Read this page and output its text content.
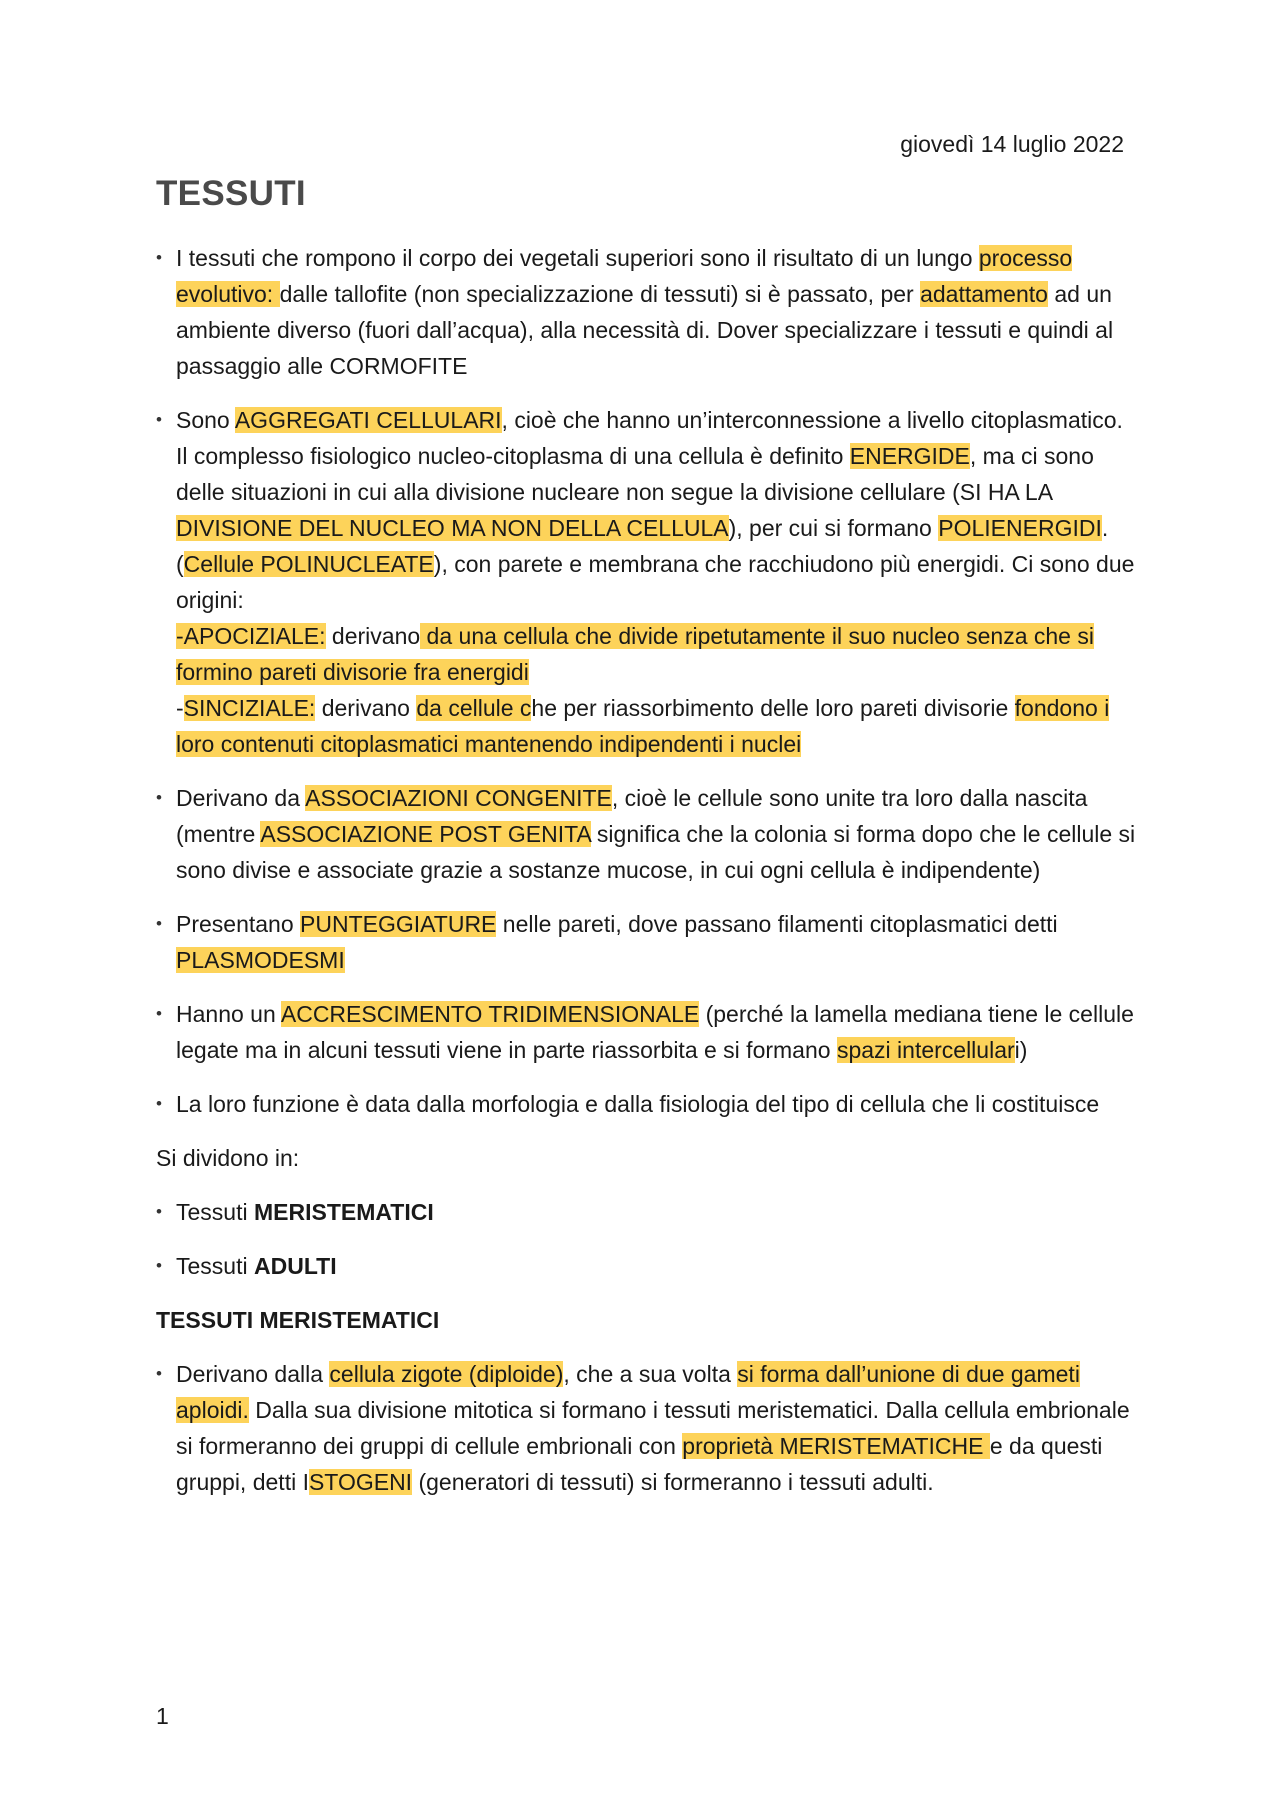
giovedì 14 luglio 2022
TESSUTI
• I tessuti che rompono il corpo dei vegetali superiori sono il risultato di un lungo processo evolutivo: dalle tallofite (non specializzazione di tessuti) si è passato, per adattamento ad un ambiente diverso (fuori dall’acqua), alla necessità di. Dover specializzare i tessuti e quindi al passaggio alle CORMOFITE
• Sono AGGREGATI CELLULARI, cioè che hanno un’interconnessione a livello citoplasmatico. Il complesso fisiologico nucleo-citoplasma di una cellula è definito ENERGIDE, ma ci sono delle situazioni in cui alla divisione nucleare non segue la divisione cellulare (SI HA LA DIVISIONE DEL NUCLEO MA NON DELLA CELLULA), per cui si formano POLIENERGIDI. (Cellule POLINUCLEATE), con parete e membrana che racchiudono più energidi. Ci sono due origini:
-APOCIZIALE: derivano da una cellula che divide ripetutamente il suo nucleo senza che si formino pareti divisorie fra energidi
-SINCIZIALE: derivano da cellule che per riassorbimento delle loro pareti divisorie fondono i loro contenuti citoplasmatici mantenendo indipendenti i nuclei
• Derivano da ASSOCIAZIONI CONGENITE, cioè le cellule sono unite tra loro dalla nascita (mentre ASSOCIAZIONE POST GENITA significa che la colonia si forma dopo che le cellule si sono divise e associate grazie a sostanze mucose, in cui ogni cellula è indipendente)
• Presentano PUNTEGGIATURE nelle pareti, dove passano filamenti citoplasmatici detti PLASMODESMI
• Hanno un ACCRESCIMENTO TRIDIMENSIONALE (perché la lamella mediana tiene le cellule legate ma in alcuni tessuti viene in parte riassorbita e si formano spazi intercellulari)
• La loro funzione è data dalla morfologia e dalla fisiologia del tipo di cellula che li costituisce

Si dividono in:

• Tessuti MERISTEMATICI
• Tessuti ADULTI

TESSUTI MERISTEMATICI

• Derivano dalla cellula zigote (diploide), che a sua volta si forma dall’unione di due gameti aploidi. Dalla sua divisione mitotica si formano i tessuti meristematici. Dalla cellula embrionale si formeranno dei gruppi di cellule embrionali con proprietà MERISTEMATICHE e da questi gruppi, detti ISTOGENI (generatori di tessuti) si formeranno i tessuti adulti.
1
